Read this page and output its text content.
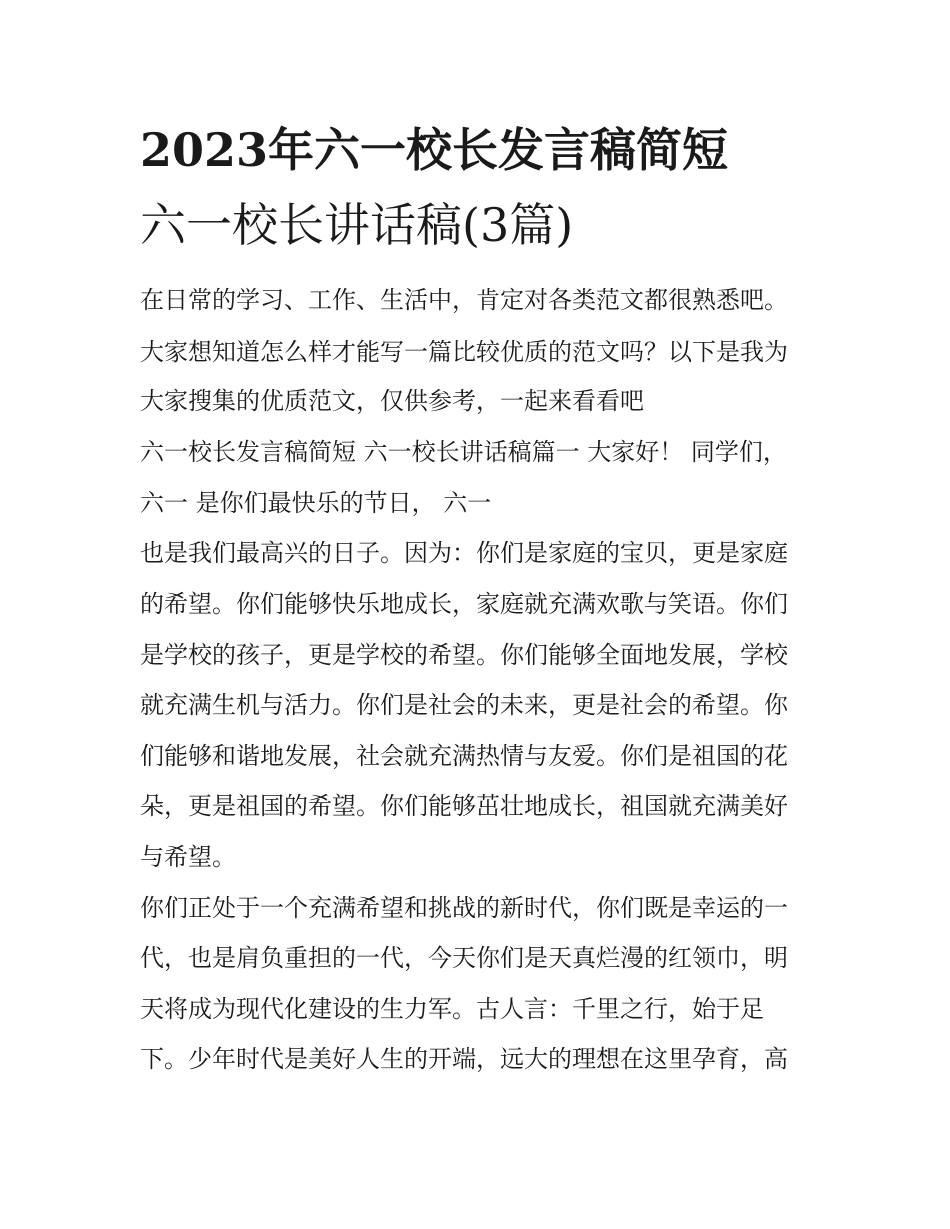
2023年六一校长发言稿简短
六一校长讲话稿(3篇)
在日常的学习、工作、生活中，肯定对各类范文都很熟悉吧。
大家想知道怎么样才能写一篇比较优质的范文吗？以下是我为
大家搜集的优质范文，仅供参考，一起来看看吧
六一校长发言稿简短 六一校长讲话稿篇一 大家好！ 同学们，
六一 是你们最快乐的节日， 六一
也是我们最高兴的日子。因为：你们是家庭的宝贝，更是家庭
的希望。你们能够快乐地成长，家庭就充满欢歌与笑语。你们
是学校的孩子，更是学校的希望。你们能够全面地发展，学校
就充满生机与活力。你们是社会的未来，更是社会的希望。你
们能够和谐地发展，社会就充满热情与友爱。你们是祖国的花
朵，更是祖国的希望。你们能够茁壮地成长，祖国就充满美好
与希望。
你们正处于一个充满希望和挑战的新时代，你们既是幸运的一
代，也是肩负重担的一代，今天你们是天真烂漫的红领巾，明
天将成为现代化建设的生力军。古人言：千里之行，始于足
下。少年时代是美好人生的开端，远大的理想在这里孕育，高
